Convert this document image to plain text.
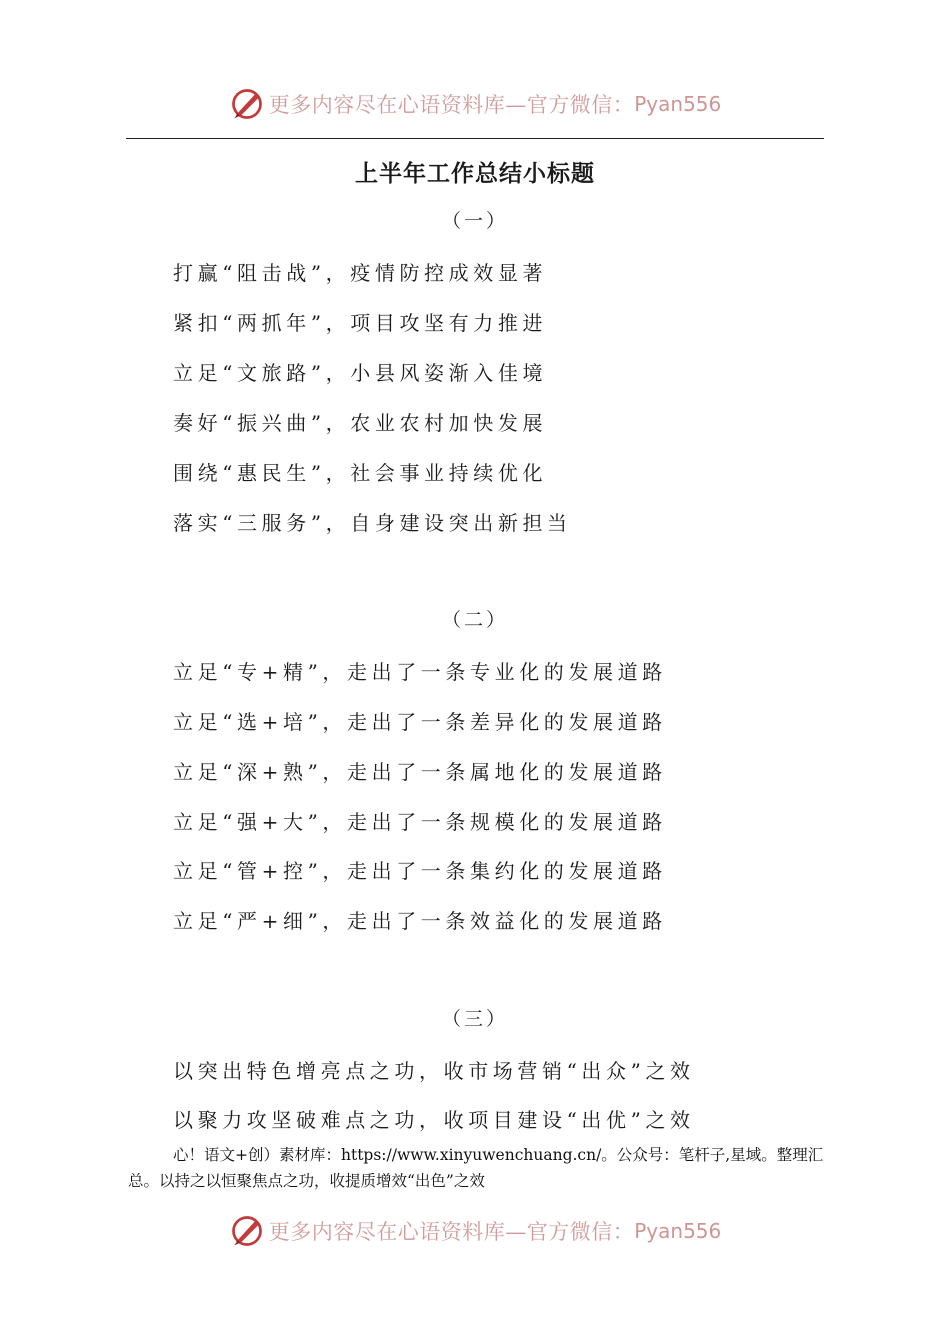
更多内容尽在心语资料库—官方微信： Pyan556
上半年工作总结小标题
（一）
打赢“阻击战”，疫情防控成效显著
紧扣“两抓年”，项目攻坚有力推进
立足“文旅路”，小县风姿渐入佳境
奏好“振兴曲”，农业农村加快发展
围绕“惠民生”，社会事业持续优化
落实“三服务”，自身建设突出新担当
（二）
立足“专+精”，走出了一条专业化的发展道路
立足“选+培”，走出了一条差异化的发展道路
立足“深+熟”，走出了一条属地化的发展道路
立足“强+大”，走出了一条规模化的发展道路
立足“管+控”，走出了一条集约化的发展道路
立足“严+细”，走出了一条效益化的发展道路
（三）
以突出特色增亮点之功，收市场营销“出众”之效
以聚力攻坚破难点之功，收项目建设“出优”之效
心！语文+创）素材库：https://www.xinyuwenchuang.cn/。公众号：笔杆子,星域。整理汇
总。以持之以恒聚焦点之功，收提质增效“出色”之效
更多内容尽在心语资料库—官方微信： Pyan556
